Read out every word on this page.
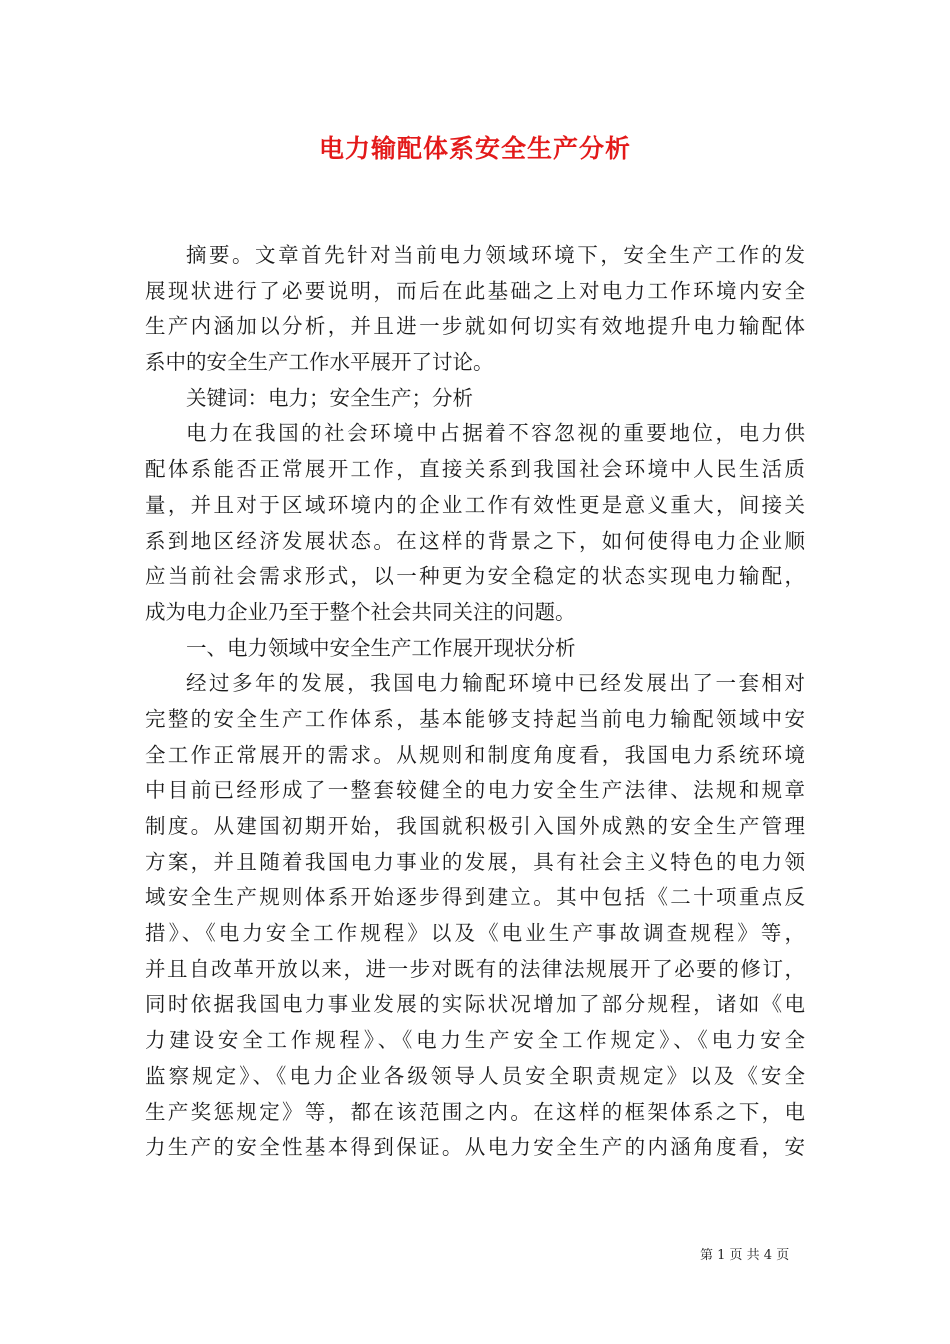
电力输配体系安全生产分析
摘要。文章首先针对当前电力领域环境下，安全生产工作的发
展现状进行了必要说明，而后在此基础之上对电力工作环境内安全
生产内涵加以分析，并且进一步就如何切实有效地提升电力输配体
系中的安全生产工作水平展开了讨论。
关键词：电力；安全生产；分析
电力在我国的社会环境中占据着不容忽视的重要地位，电力供
配体系能否正常展开工作，直接关系到我国社会环境中人民生活质
量，并且对于区域环境内的企业工作有效性更是意义重大，间接关
系到地区经济发展状态。在这样的背景之下，如何使得电力企业顺
应当前社会需求形式，以一种更为安全稳定的状态实现电力输配，
成为电力企业乃至于整个社会共同关注的问题。
一、电力领域中安全生产工作展开现状分析
经过多年的发展，我国电力输配环境中已经发展出了一套相对
完整的安全生产工作体系，基本能够支持起当前电力输配领域中安
全工作正常展开的需求。从规则和制度角度看，我国电力系统环境
中目前已经形成了一整套较健全的电力安全生产法律、法规和规章
制度。从建国初期开始，我国就积极引入国外成熟的安全生产管理
方案，并且随着我国电力事业的发展，具有社会主义特色的电力领
域安全生产规则体系开始逐步得到建立。其中包括《二十项重点反
措》、《电力安全工作规程》以及《电业生产事故调查规程》等，
并且自改革开放以来，进一步对既有的法律法规展开了必要的修订，
同时依据我国电力事业发展的实际状况增加了部分规程，诸如《电
力建设安全工作规程》、《电力生产安全工作规定》、《电力安全
监察规定》、《电力企业各级领导人员安全职责规定》以及《安全
生产奖惩规定》等，都在该范围之内。在这样的框架体系之下，电
力生产的安全性基本得到保证。从电力安全生产的内涵角度看，安
第 1 页 共 4 页
